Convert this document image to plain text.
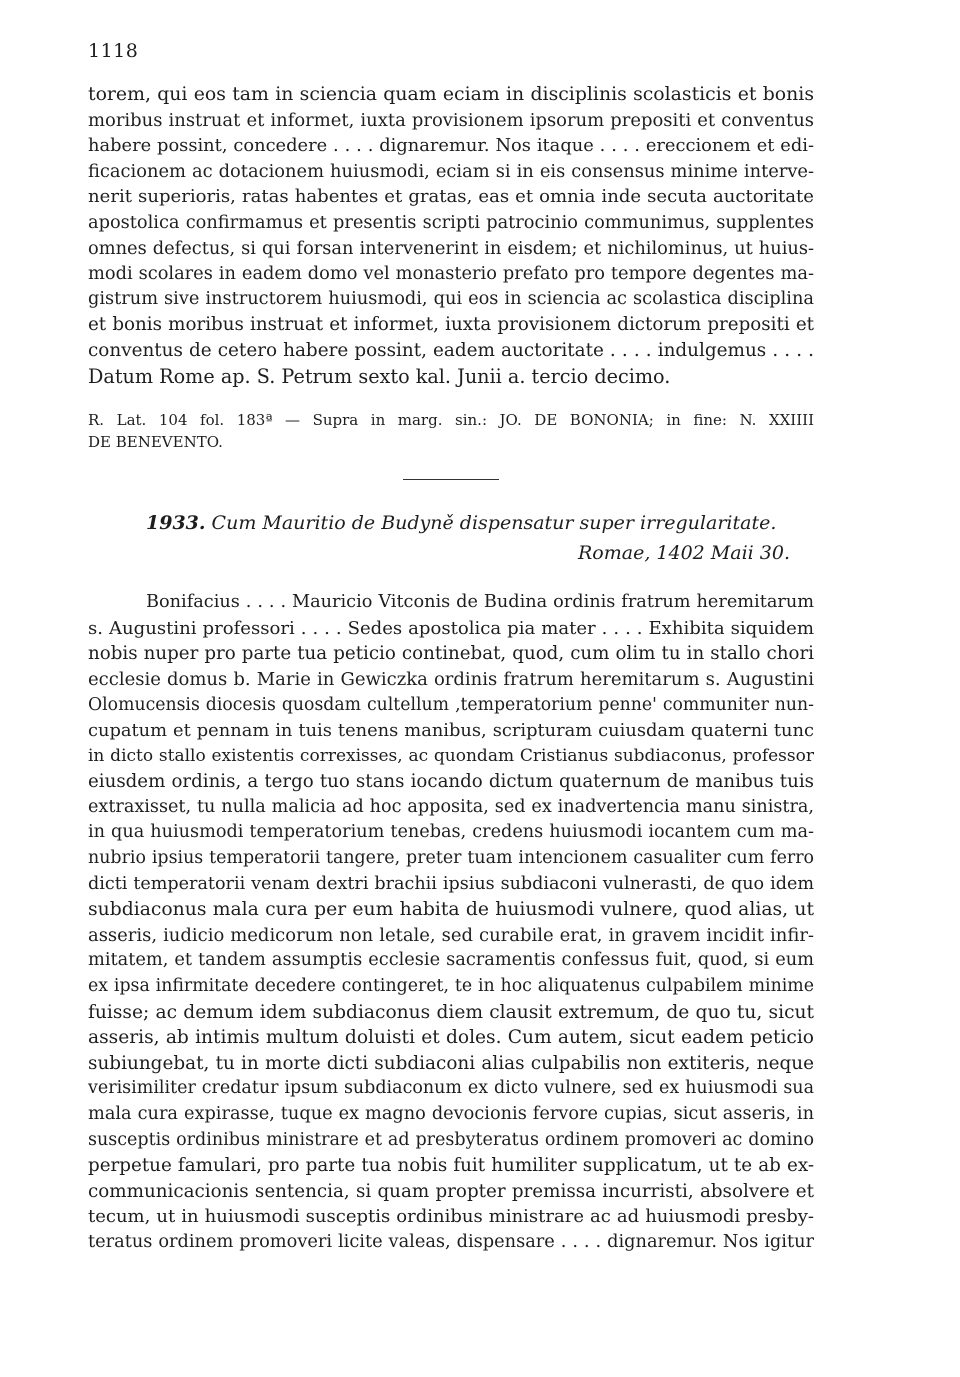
1118
torem, qui eos tam in sciencia quam eciam in disciplinis scolasticis et bonis
moribus instruat et informet, iuxta provisionem ipsorum prepositi et conventus
habere possint, concedere . . . . dignaremur. Nos itaque . . . . ereccionem et edi-
ficacionem ac dotacionem huiusmodi, eciam si in eis consensus minime interve-
nerit superioris, ratas habentes et gratas, eas et omnia inde secuta auctoritate
apostolica confirmamus et presentis scripti patrocinio communimus, supplentes
omnes defectus, si qui forsan intervenerint in eisdem; et nichilominus, ut huius-
modi scolares in eadem domo vel monasterio prefato pro tempore degentes ma-
gistrum sive instructorem huiusmodi, qui eos in sciencia ac scolastica disciplina
et bonis moribus instruat et informet, iuxta provisionem dictorum prepositi et
conventus de cetero habere possint, eadem auctoritate . . . . indulgemus . . . .
Datum Rome ap. S. Petrum sexto kal. Junii a. tercio decimo.
R. Lat. 104 fol. 183ª — Supra in marg. sin.: JO. DE BONONIA; in fine: N. XXIIII
DE BENEVENTO.
1933. Cum Mauritio de Budyně dispensatur super irregularitate.
Romae, 1402 Maii 30.
Bonifacius . . . . Mauricio Vitconis de Budina ordinis fratrum heremitarum
s. Augustini professori . . . . Sedes apostolica pia mater . . . . Exhibita siquidem
nobis nuper pro parte tua peticio continebat, quod, cum olim tu in stallo chori
ecclesie domus b. Marie in Gewiczka ordinis fratrum heremitarum s. Augustini
Olomucensis diocesis quosdam cultellum ‚temperatorium penne' communiter nun-
cupatum et pennam in tuis tenens manibus, scripturam cuiusdam quaterni tunc
in dicto stallo existentis correxisses, ac quondam Cristianus subdiaconus, professor
eiusdem ordinis, a tergo tuo stans iocando dictum quaternum de manibus tuis
extraxisset, tu nulla malicia ad hoc apposita, sed ex inadvertencia manu sinistra,
in qua huiusmodi temperatorium tenebas, credens huiusmodi iocantem cum ma-
nubrio ipsius temperatorii tangere, preter tuam intencionem casualiter cum ferro
dicti temperatorii venam dextri brachii ipsius subdiaconi vulnerasti, de quo idem
subdiaconus mala cura per eum habita de huiusmodi vulnere, quod alias, ut
asseris, iudicio medicorum non letale, sed curabile erat, in gravem incidit infir-
mitatem, et tandem assumptis ecclesie sacramentis confessus fuit, quod, si eum
ex ipsa infirmitate decedere contingeret, te in hoc aliquatenus culpabilem minime
fuisse; ac demum idem subdiaconus diem clausit extremum, de quo tu, sicut
asseris, ab intimis multum doluisti et doles. Cum autem, sicut eadem peticio
subiungebat, tu in morte dicti subdiaconi alias culpabilis non extiteris, neque
verisimiliter credatur ipsum subdiaconum ex dicto vulnere, sed ex huiusmodi sua
mala cura expirasse, tuque ex magno devocionis fervore cupias, sicut asseris, in
susceptis ordinibus ministrare et ad presbyteratus ordinem promoveri ac domino
perpetue famulari, pro parte tua nobis fuit humiliter supplicatum, ut te ab ex-
communicacionis sentencia, si quam propter premissa incurristi, absolvere et
tecum, ut in huiusmodi susceptis ordinibus ministrare ac ad huiusmodi presby-
teratus ordinem promoveri licite valeas, dispensare . . . . dignaremur. Nos igitur
